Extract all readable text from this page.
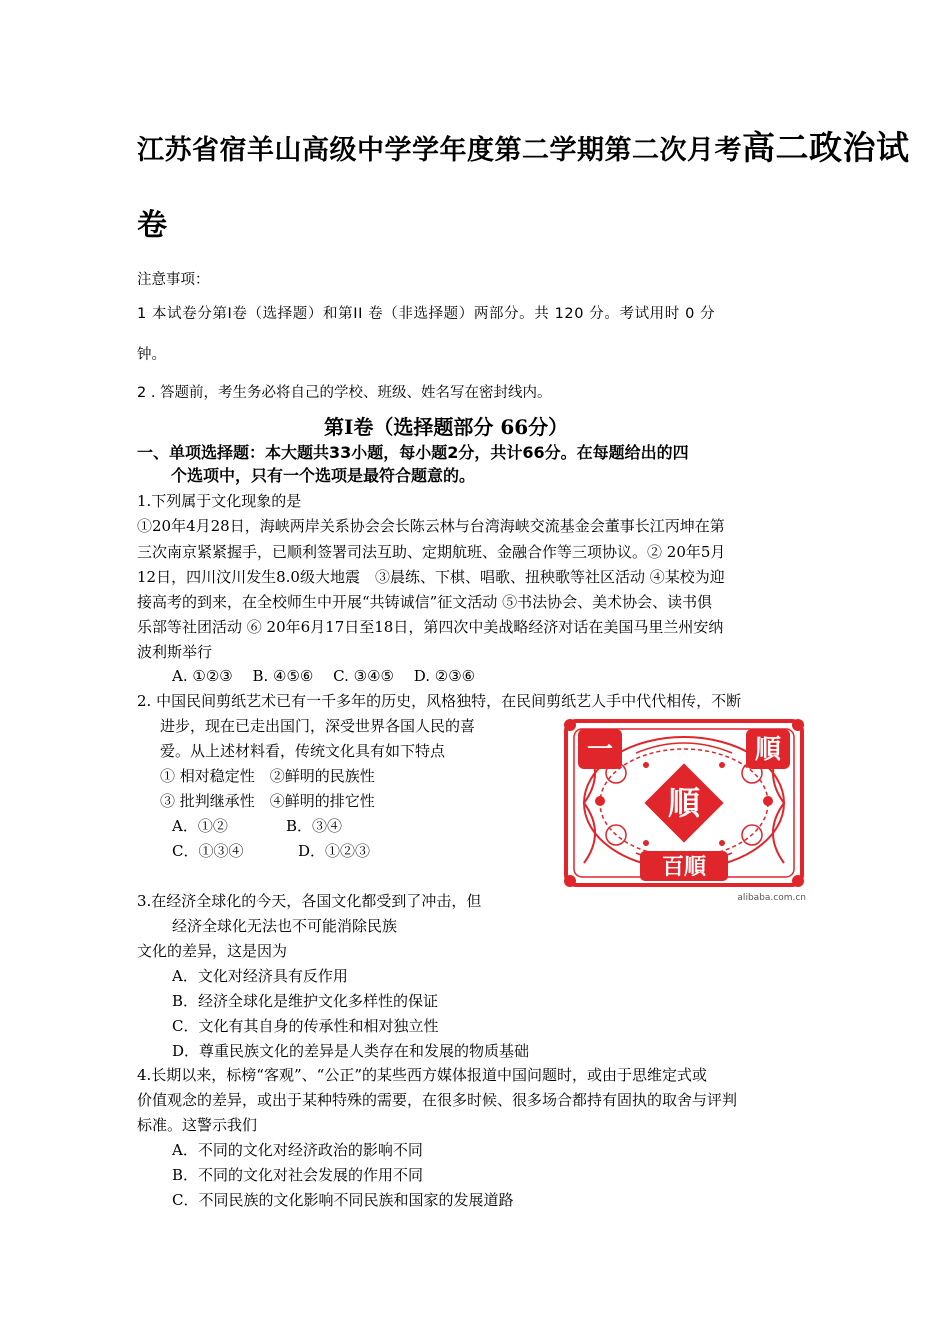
江苏省宿羊山高级中学学年度第二学期第二次月考高二政治试
卷
注意事项：
1 本试卷分第Ⅰ卷（选择题）和第II 卷（非选择题）两部分。共 120 分。考试用时 0 分
钟。
2 . 答题前，考生务必将自己的学校、班级、姓名写在密封线内。
第Ⅰ卷（选择题部分 66分）
一、单项选择题：本大题共33小题，每小题2分，共计66分。在每题给出的四
个选项中，只有一个选项是最符合题意的。
1.下列属于文化现象的是
①20年4月28日，海峡两岸关系协会会长陈云林与台湾海峡交流基金会董事长江丙坤在第
三次南京紧紧握手，已顺利签署司法互助、定期航班、金融合作等三项协议。② 20年5月
12日，四川汶川发生8.0级大地震　③晨练、下棋、唱歌、扭秧歌等社区活动 ④某校为迎
接高考的到来，在全校师生中开展“共铸诚信”征文活动 ⑤书法协会、美术协会、读书俱
乐部等社团活动 ⑥ 20年6月17日至18日，第四次中美战略经济对话在美国马里兰州安纳
波利斯举行
A. ①②③　 B. ④⑤⑥　 C. ③④⑤　 D. ②③⑥
2. 中国民间剪纸艺术已有一千多年的历史，风格独特，在民间剪纸艺人手中代代相传，不断
进步，现在已走出国门，深受世界各国人民的喜
爱。从上述材料看，传统文化具有如下特点
① 相对稳定性　②鲜明的民族性
③ 批判继承性　④鲜明的排它性
A．①②	B．③④
C．①③④	D．①②③
一	順
順
百順
alibaba.com.cn
3.在经济全球化的今天，各国文化都受到了冲击，但
经济全球化无法也不可能消除民族
文化的差异，这是因为
A．文化对经济具有反作用
B．经济全球化是维护文化多样性的保证
C．文化有其自身的传承性和相对独立性
D．尊重民族文化的差异是人类存在和发展的物质基础
4.长期以来，标榜“客观”、“公正”的某些西方媒体报道中国问题时，或由于思维定式或
价值观念的差异，或出于某种特殊的需要，在很多时候、很多场合都持有固执的取舍与评判
标准。这警示我们
A．不同的文化对经济政治的影响不同
B．不同的文化对社会发展的作用不同
C．不同民族的文化影响不同民族和国家的发展道路
